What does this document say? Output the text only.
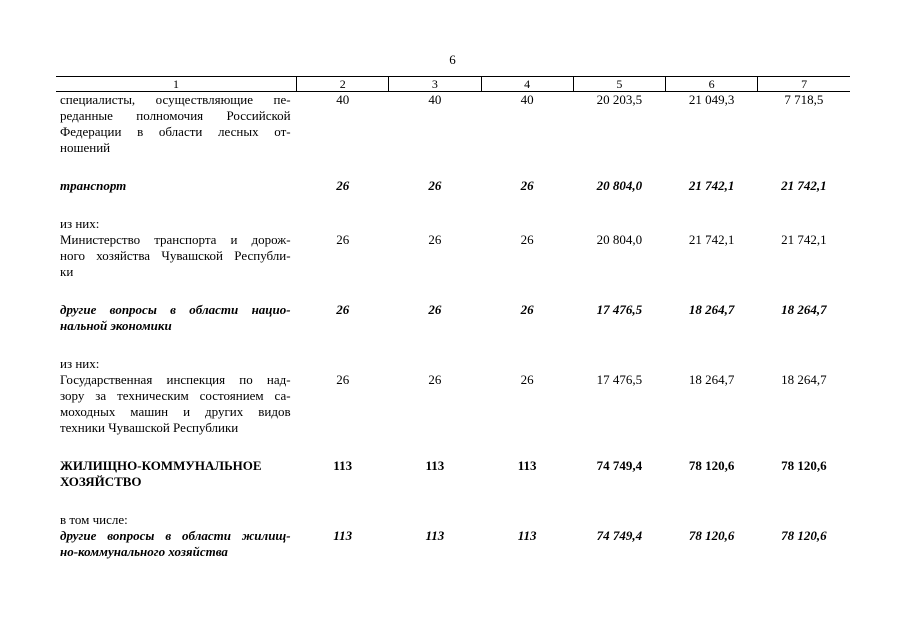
6
1	2	3	4	5	6	7

специалисты, осуществляющие пе-
реданные полномочия Российской
Федерации в области лесных от-
ношений	40	40	40	20 203,5	21 049,3	7 718,5

транспорт	26	26	26	20 804,0	21 742,1	21 742,1

из них:						

Министерство транспорта и дорож-
ного хозяйства Чувашской Республи-
ки	26	26	26	20 804,0	21 742,1	21 742,1

другие вопросы в области нацио-
нальной экономики	26	26	26	17 476,5	18 264,7	18 264,7

из них:						

Государственная инспекция по над-
зору за техническим состоянием са-
моходных машин и других видов
техники Чувашской Республики	26	26	26	17 476,5	18 264,7	18 264,7

ЖИЛИЩНО-КОММУНАЛЬНОЕ
ХОЗЯЙСТВО	113	113	113	74 749,4	78 120,6	78 120,6

в том числе:						

другие вопросы в области жилищ-
но-коммунального хозяйства	113	113	113	74 749,4	78 120,6	78 120,6
